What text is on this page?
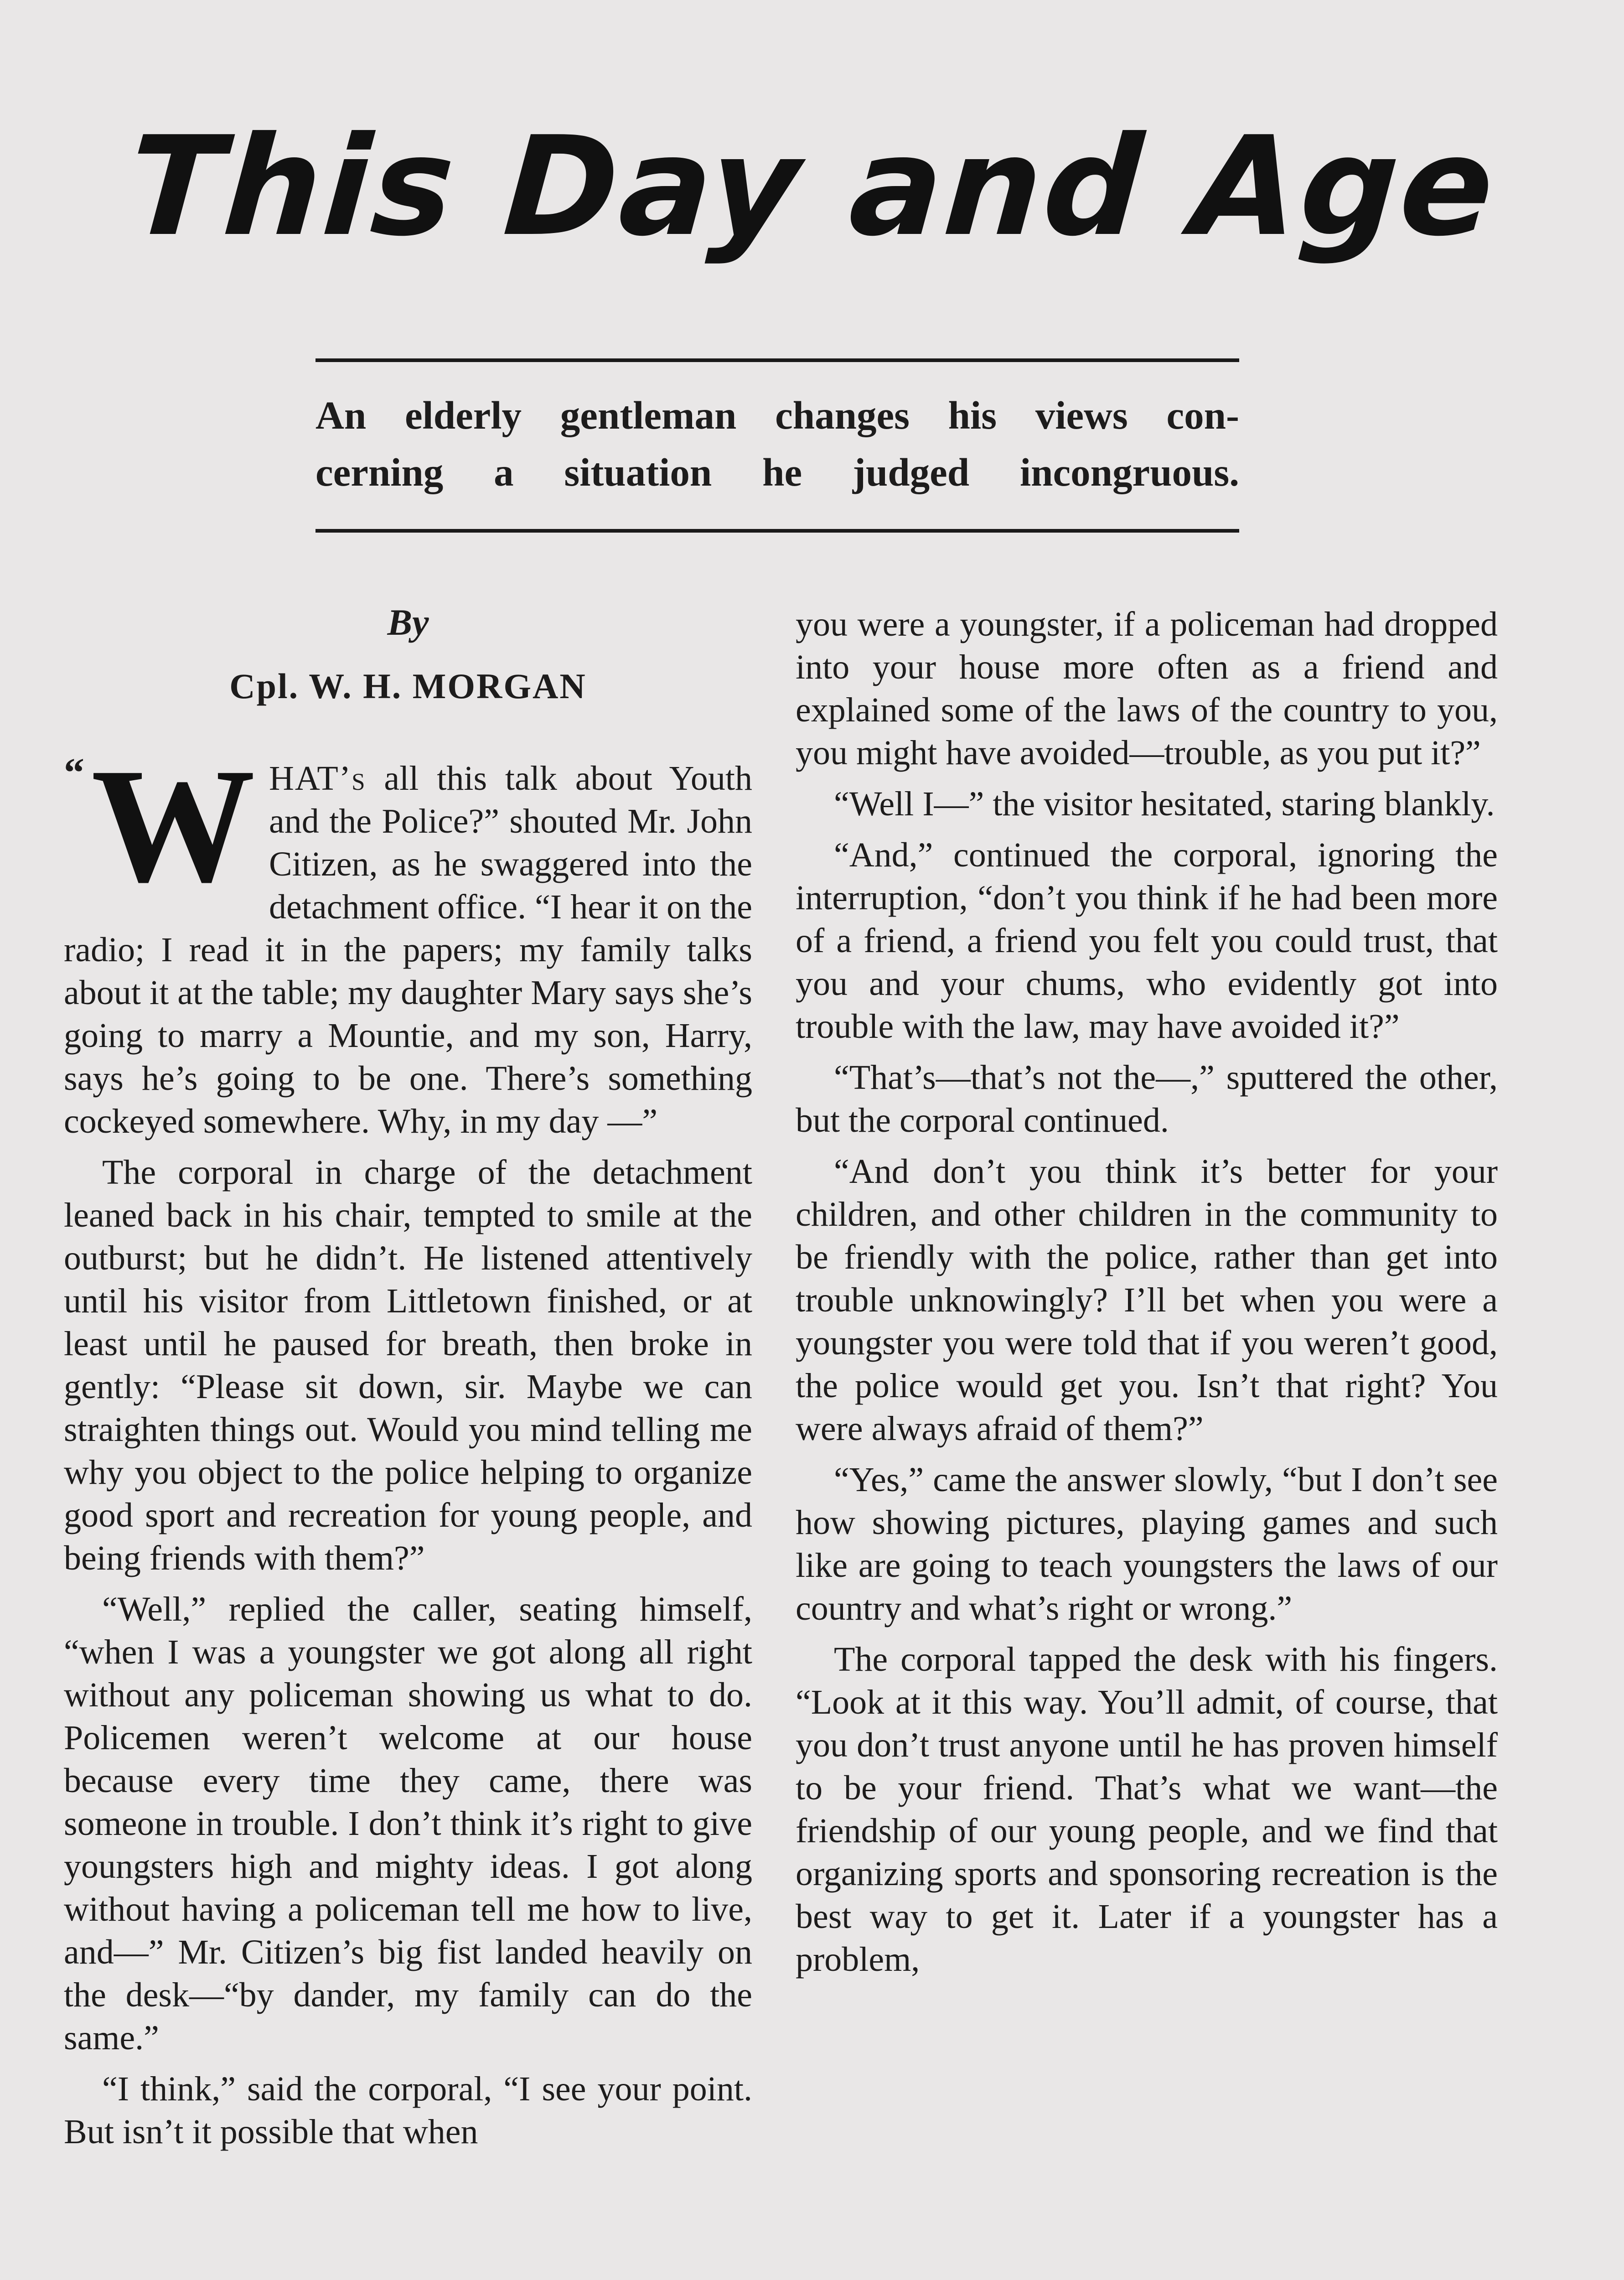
This Day and Age
An elderly gentleman changes his views con-
cerning a situation he judged incongruous.
By
Cpl. W. H. MORGAN

“ W HAT’s all this talk about Youth and the Police?” shouted Mr. John Citizen, as he swaggered into the detachment office. “I hear it on the radio; I read it in the papers; my family talks about it at the table; my daughter Mary says she’s going to marry a Mountie, and my son, Harry, says he’s going to be one. There’s something cockeyed somewhere. Why, in my day —”

The corporal in charge of the detachment leaned back in his chair, tempted to smile at the outburst; but he didn’t. He listened attentively until his visitor from Littletown finished, or at least until he paused for breath, then broke in gently: “Please sit down, sir. Maybe we can straighten things out. Would you mind telling me why you object to the police helping to organize good sport and recreation for young people, and being friends with them?”

“Well,” replied the caller, seating himself, “when I was a youngster we got along all right without any policeman showing us what to do. Policemen weren’t welcome at our house because every time they came, there was someone in trouble. I don’t think it’s right to give youngsters high and mighty ideas. I got along without having a policeman tell me how to live, and—” Mr. Citizen’s big fist landed heavily on the desk—“by dander, my family can do the same.”

“I think,” said the corporal, “I see your point. But isn’t it possible that when

you were a youngster, if a policeman had dropped into your house more often as a friend and explained some of the laws of the country to you, you might have avoided—trouble, as you put it?”

“Well I—” the visitor hesitated, staring blankly.

“And,” continued the corporal, ignoring the interruption, “don’t you think if he had been more of a friend, a friend you felt you could trust, that you and your chums, who evidently got into trouble with the law, may have avoided it?”

“That’s—that’s not the—,” sputtered the other, but the corporal continued.

“And don’t you think it’s better for your children, and other children in the community to be friendly with the police, rather than get into trouble unknowingly? I’ll bet when you were a youngster you were told that if you weren’t good, the police would get you. Isn’t that right? You were always afraid of them?”

“Yes,” came the answer slowly, “but I don’t see how showing pictures, playing games and such like are going to teach youngsters the laws of our country and what’s right or wrong.”

The corporal tapped the desk with his fingers. “Look at it this way. You’ll admit, of course, that you don’t trust anyone until he has proven himself to be your friend. That’s what we want—the friendship of our young people, and we find that organizing sports and sponsoring recreation is the best way to get it. Later if a youngster has a problem,
